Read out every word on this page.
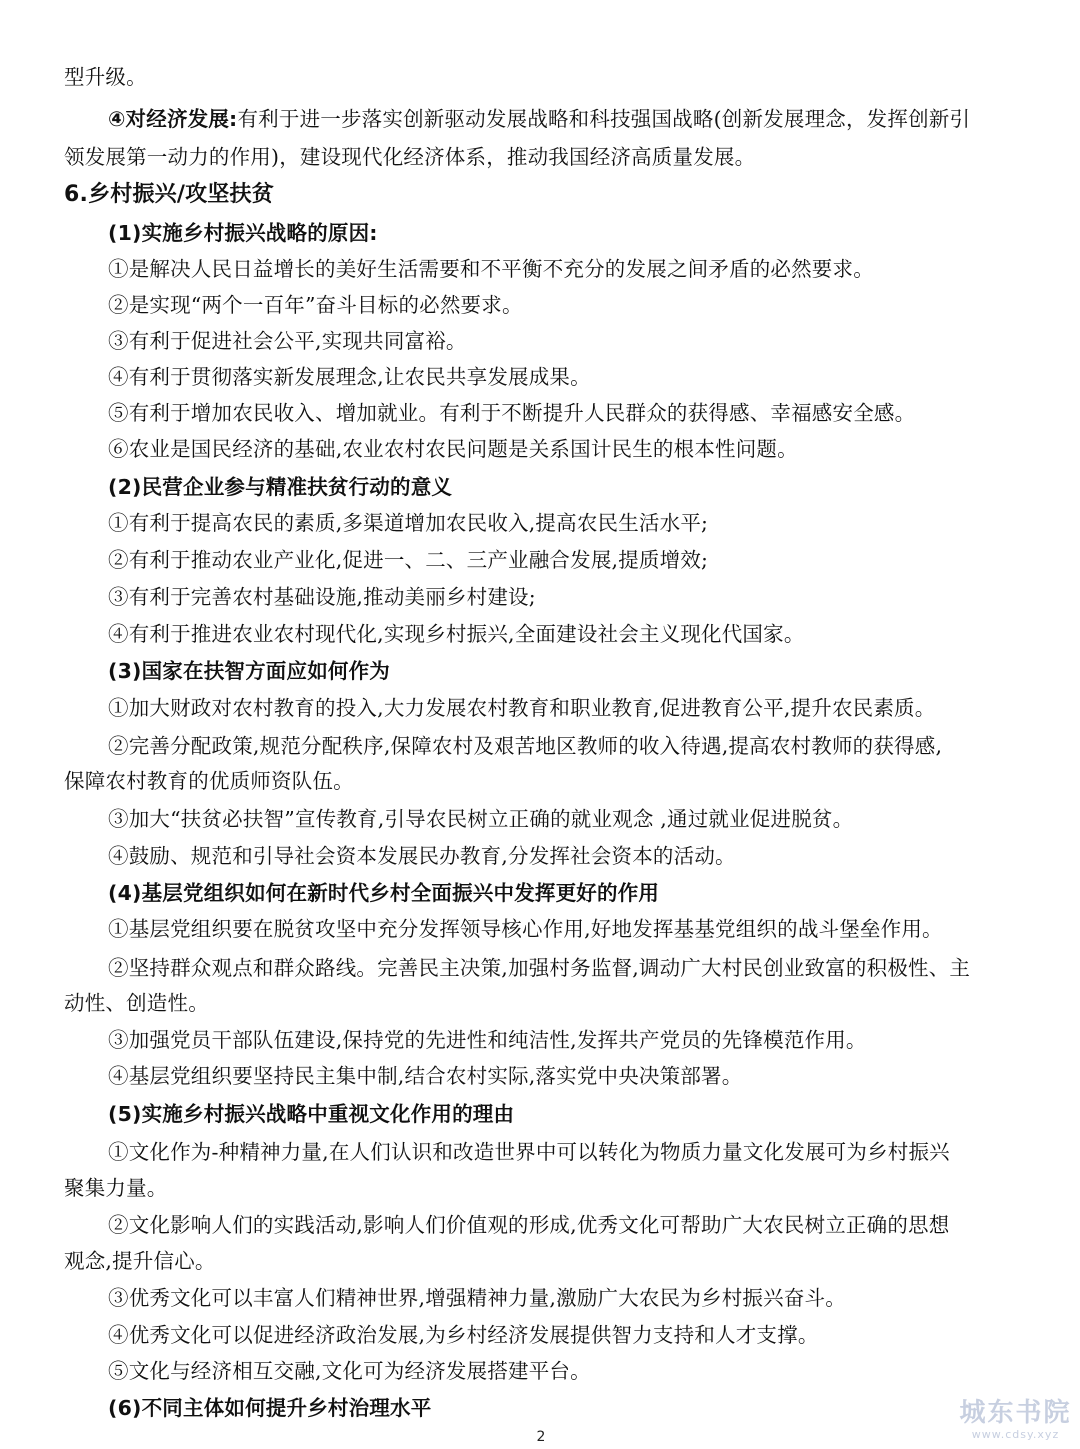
型升级。
④对经济发展:有利于进一步落实创新驱动发展战略和科技强国战略(创新发展理念，发挥创新引
领发展第一动力的作用)，建设现代化经济体系，推动我国经济高质量发展。
6.乡村振兴/攻坚扶贫
(1)实施乡村振兴战略的原因:
①是解决人民日益增长的美好生活需要和不平衡不充分的发展之间矛盾的必然要求。
②是实现“两个一百年”奋斗目标的必然要求。
③有利于促进社会公平,实现共同富裕。
④有利于贯彻落实新发展理念,让农民共享发展成果。
⑤有利于增加农民收入、增加就业。有利于不断提升人民群众的获得感、幸福感安全感。
⑥农业是国民经济的基础,农业农村农民问题是关系国计民生的根本性问题。
(2)民营企业参与精准扶贫行动的意义
①有利于提高农民的素质,多渠道增加农民收入,提高农民生活水平;
②有利于推动农业产业化,促进一、二、三产业融合发展,提质增效;
③有利于完善农村基础设施,推动美丽乡村建设;
④有利于推进农业农村现代化,实现乡村振兴,全面建设社会主义现化代国家。
(3)国家在扶智方面应如何作为
①加大财政对农村教育的投入,大力发展农村教育和职业教育,促进教育公平,提升农民素质。
②完善分配政策,规范分配秩序,保障农村及艰苦地区教师的收入待遇,提高农村教师的获得感,
保障农村教育的优质师资队伍。
③加大“扶贫必扶智”宣传教育,引导农民树立正确的就业观念 ,通过就业促进脱贫。
④鼓励、规范和引导社会资本发展民办教育,分发挥社会资本的活动。
(4)基层党组织如何在新时代乡村全面振兴中发挥更好的作用
①基层党组织要在脱贫攻坚中充分发挥领导核心作用,好地发挥基基党组织的战斗堡垒作用。
②坚持群众观点和群众路线。完善民主决策,加强村务监督,调动广大村民创业致富的积极性、主
动性、创造性。
③加强党员干部队伍建设,保持党的先进性和纯洁性,发挥共产党员的先锋模范作用。
④基层党组织要坚持民主集中制,结合农村实际,落实党中央决策部署。
(5)实施乡村振兴战略中重视文化作用的理由
①文化作为-种精神力量,在人们认识和改造世界中可以转化为物质力量文化发展可为乡村振兴
聚集力量。
②文化影响人们的实践活动,影响人们价值观的形成,优秀文化可帮助广大农民树立正确的思想
观念,提升信心。
③优秀文化可以丰富人们精神世界,增强精神力量,激励广大农民为乡村振兴奋斗。
④优秀文化可以促进经济政治发展,为乡村经济发展提供智力支持和人才支撑。
⑤文化与经济相互交融,文化可为经济发展搭建平台。
(6)不同主体如何提升乡村治理水平
2
城东书院
www.cdsy.xyz
